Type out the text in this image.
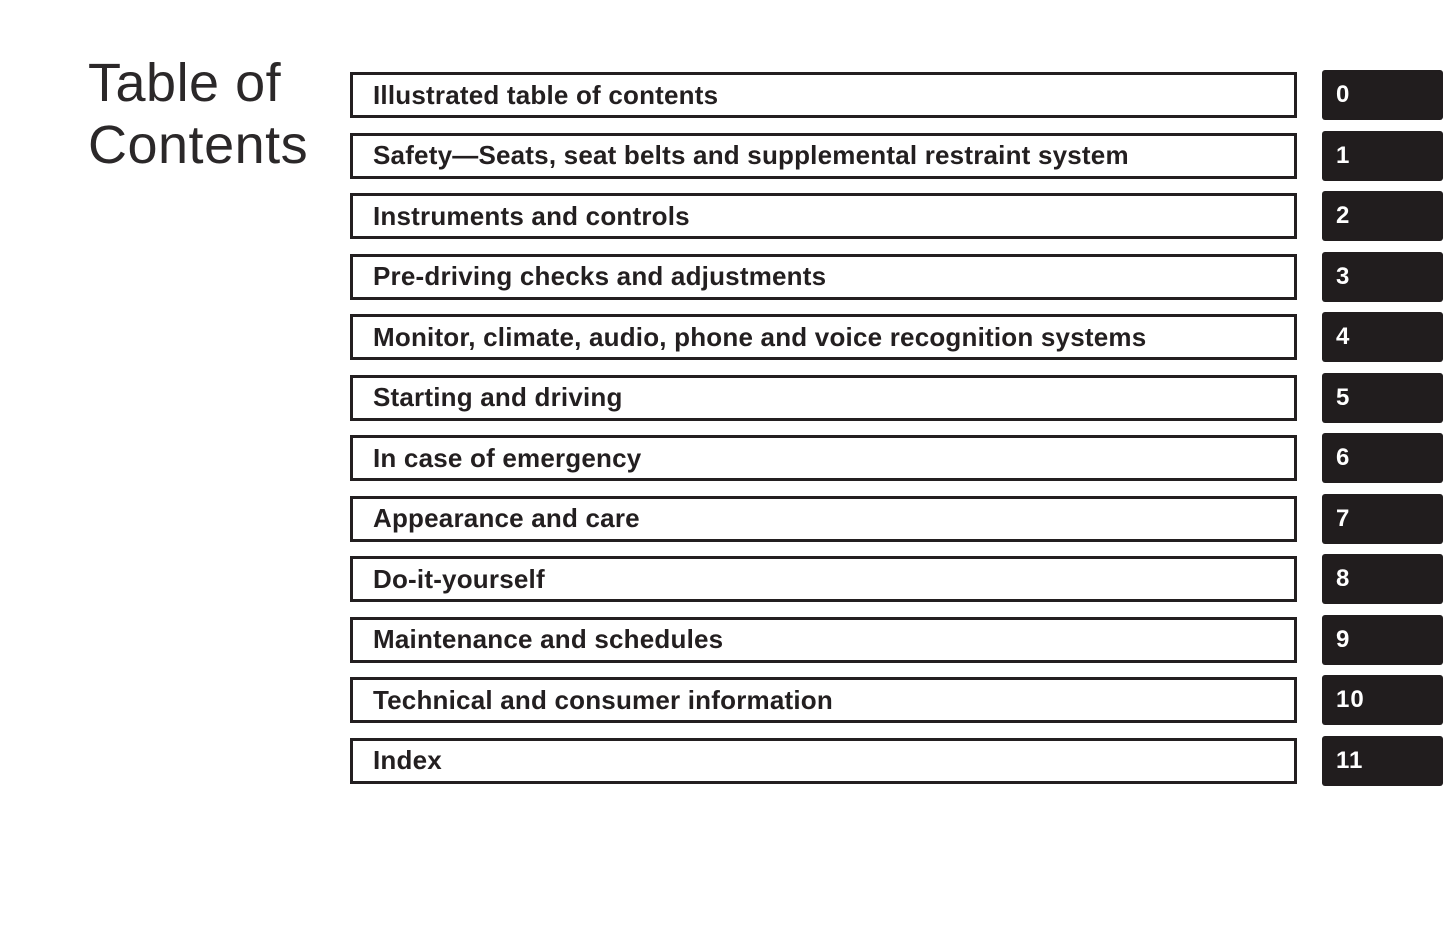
Table of
Contents
Illustrated table of contents	0
Safety—Seats, seat belts and supplemental restraint system	1
Instruments and controls	2
Pre-driving checks and adjustments	3
Monitor, climate, audio, phone and voice recognition systems	4
Starting and driving	5
In case of emergency	6
Appearance and care	7
Do-it-yourself	8
Maintenance and schedules	9
Technical and consumer information	10
Index	11
